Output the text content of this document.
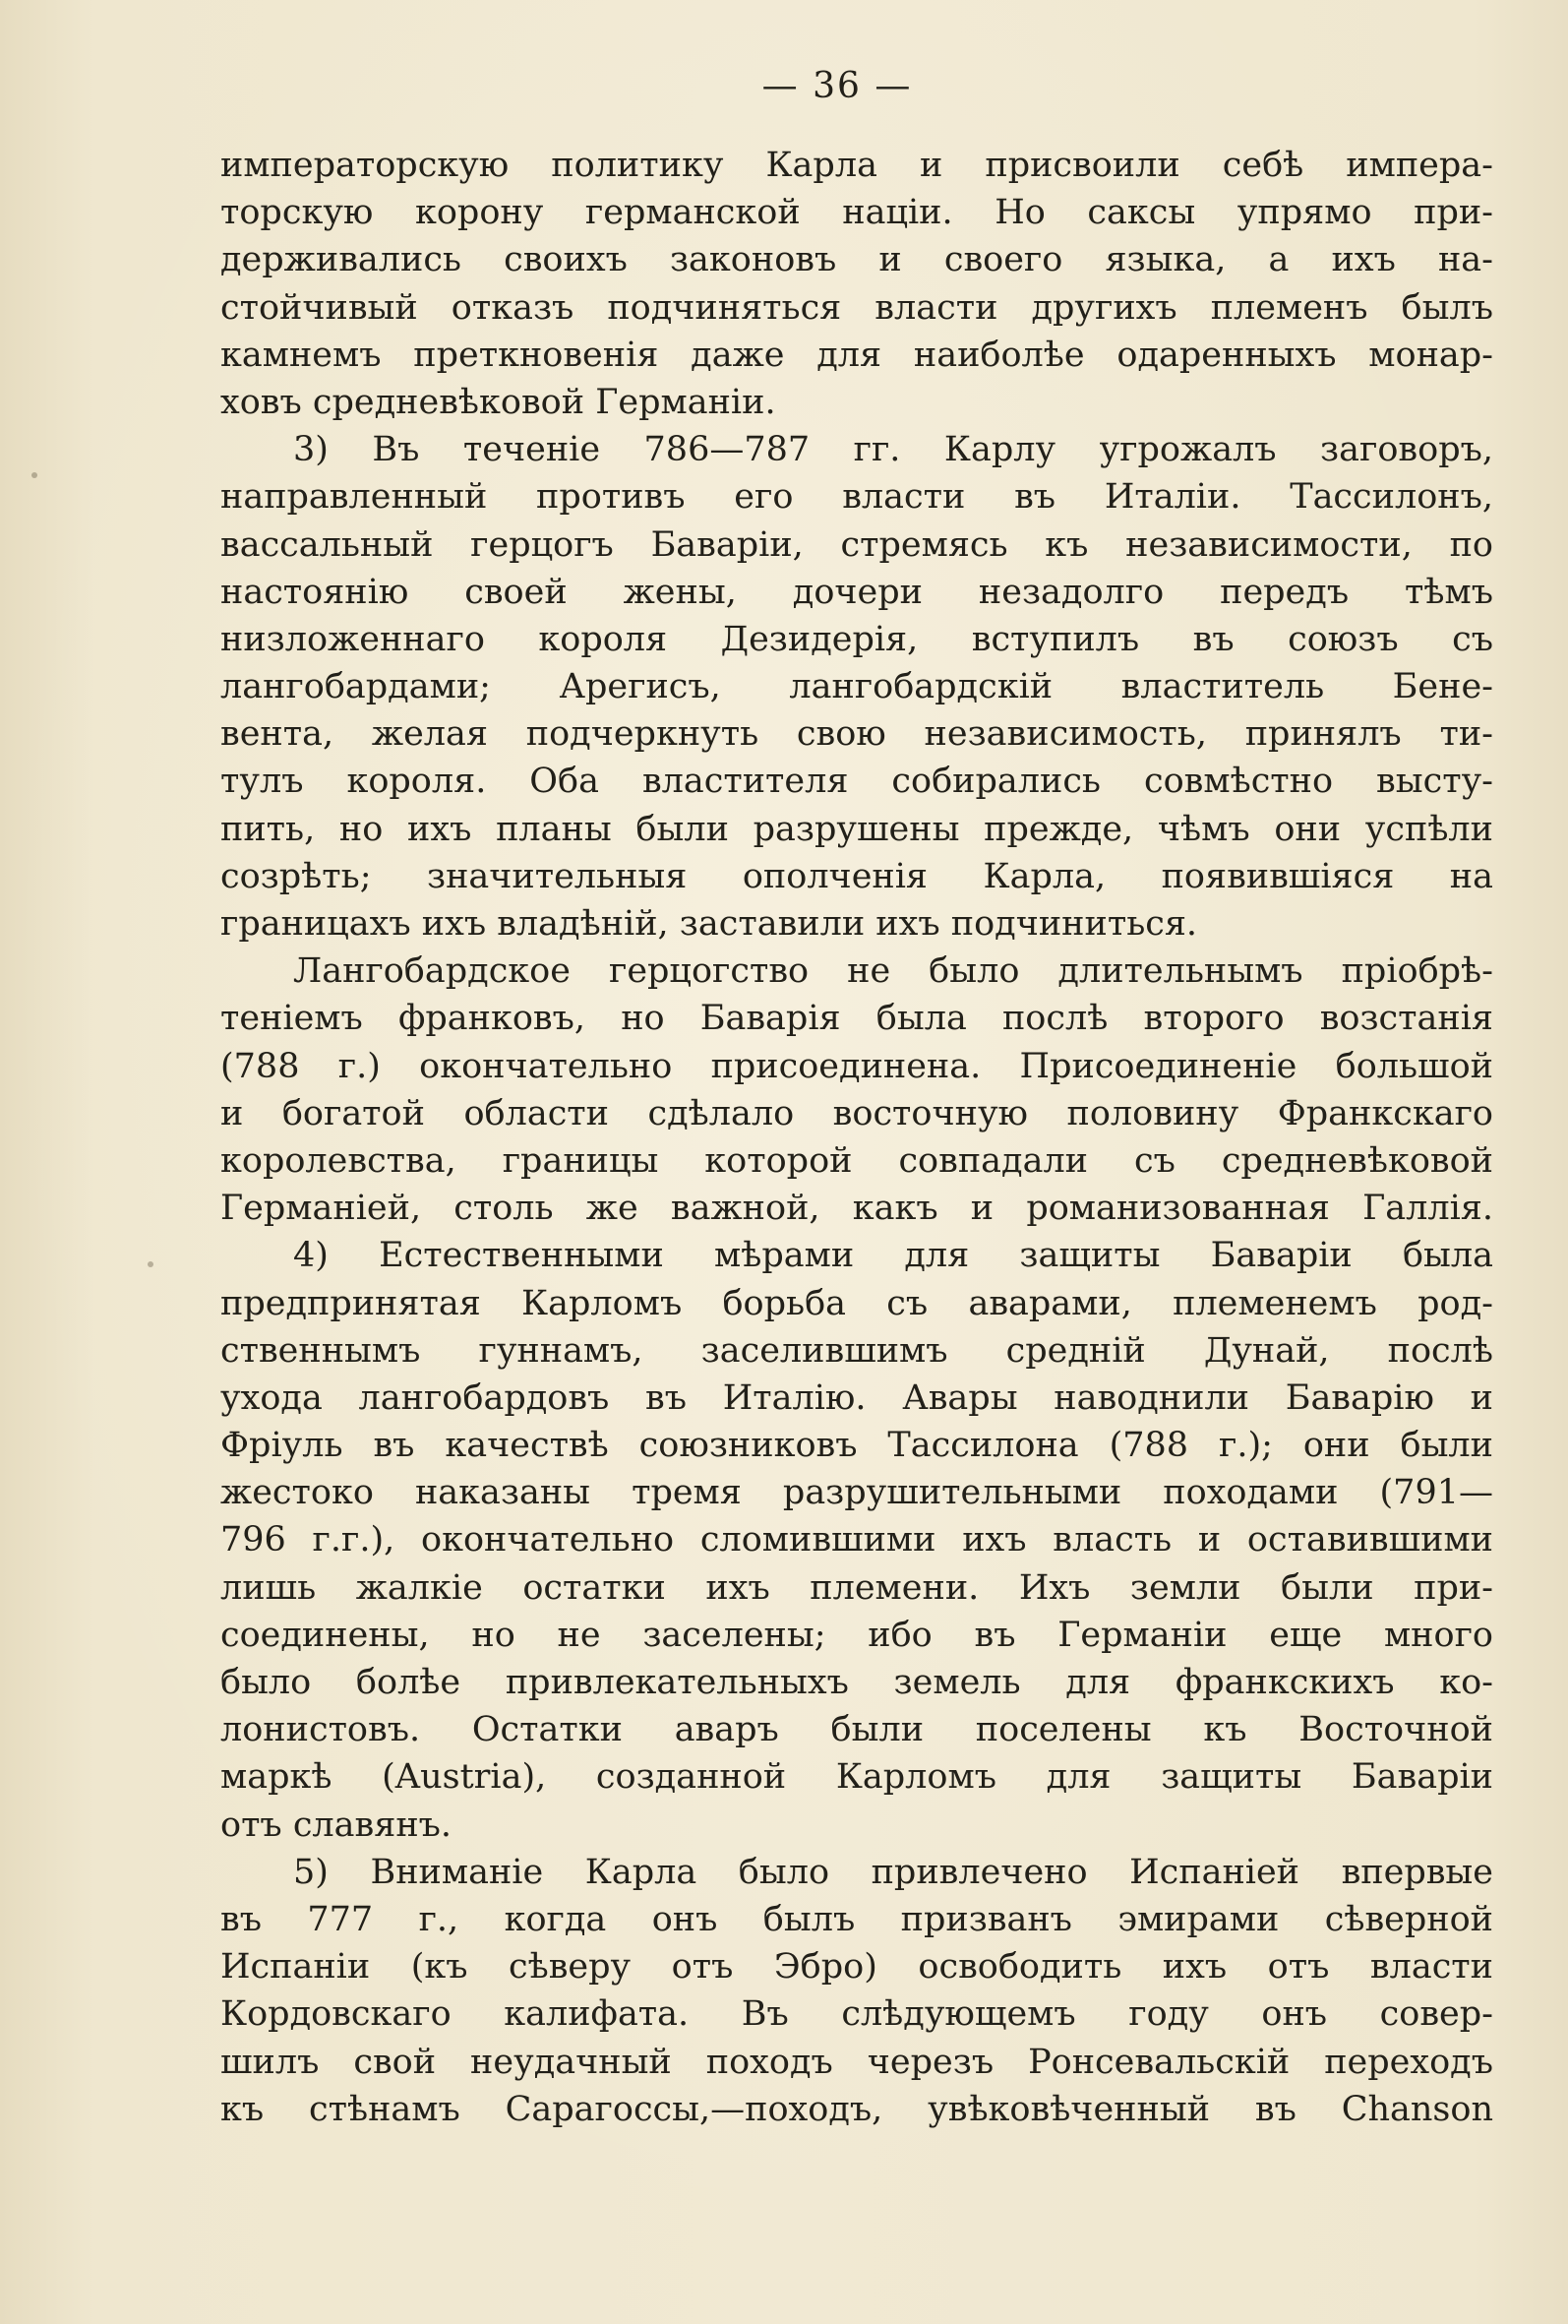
— 36 —
императорскую политику Карла и присвоили себѣ импера-
торскую корону германской націи. Но саксы упрямо при-
держивались своихъ законовъ и своего языка, а ихъ на-
стойчивый отказъ подчиняться власти другихъ племенъ былъ
камнемъ преткновенія даже для наиболѣе одаренныхъ монар-
ховъ средневѣковой Германіи.
3) Въ теченіе 786—787 гг. Карлу угрожалъ заговоръ,
направленный противъ его власти въ Италіи. Тассилонъ,
вассальный герцогъ Баваріи, стремясь къ независимости, по
настоянію своей жены, дочери незадолго передъ тѣмъ
низложеннаго короля Дезидерія, вступилъ въ союзъ съ
лангобардами; Арегисъ, лангобардскій властитель Бене-
вента, желая подчеркнуть свою независимость, принялъ ти-
тулъ короля. Оба властителя собирались совмѣстно высту-
пить, но ихъ планы были разрушены прежде, чѣмъ они успѣли
созрѣть; значительныя ополченія Карла, появившіяся на
границахъ ихъ владѣній, заставили ихъ подчиниться.
Лангобардское герцогство не было длительнымъ пріобрѣ-
теніемъ франковъ, но Баварія была послѣ второго возстанія
(788 г.) окончательно присоединена. Присоединеніе большой
и богатой области сдѣлало восточную половину Франкскаго
королевства, границы которой совпадали съ средневѣковой
Германіей, столь же важной, какъ и романизованная Галлія.
4) Естественными мѣрами для защиты Баваріи была
предпринятая Карломъ борьба съ аварами, племенемъ род-
ственнымъ гуннамъ, заселившимъ средній Дунай, послѣ
ухода лангобардовъ въ Италію. Авары наводнили Баварію и
Фріуль въ качествѣ союзниковъ Тассилона (788 г.); они были
жестоко наказаны тремя разрушительными походами (791—
796 г.г.), окончательно сломившими ихъ власть и оставившими
лишь жалкіе остатки ихъ племени. Ихъ земли были при-
соединены, но не заселены; ибо въ Германіи еще много
было болѣе привлекательныхъ земель для франкскихъ ко-
лонистовъ. Остатки аваръ были поселены къ Восточной
маркѣ (Austria), созданной Карломъ для защиты Баваріи
отъ славянъ.
5) Вниманіе Карла было привлечено Испаніей впервые
въ 777 г., когда онъ былъ призванъ эмирами сѣверной
Испаніи (къ сѣверу отъ Эбро) освободить ихъ отъ власти
Кордовскаго калифата. Въ слѣдующемъ году онъ совер-
шилъ свой неудачный походъ черезъ Ронсевальскій переходъ
къ стѣнамъ Сарагоссы,—походъ, увѣковѣченный въ Chanson
